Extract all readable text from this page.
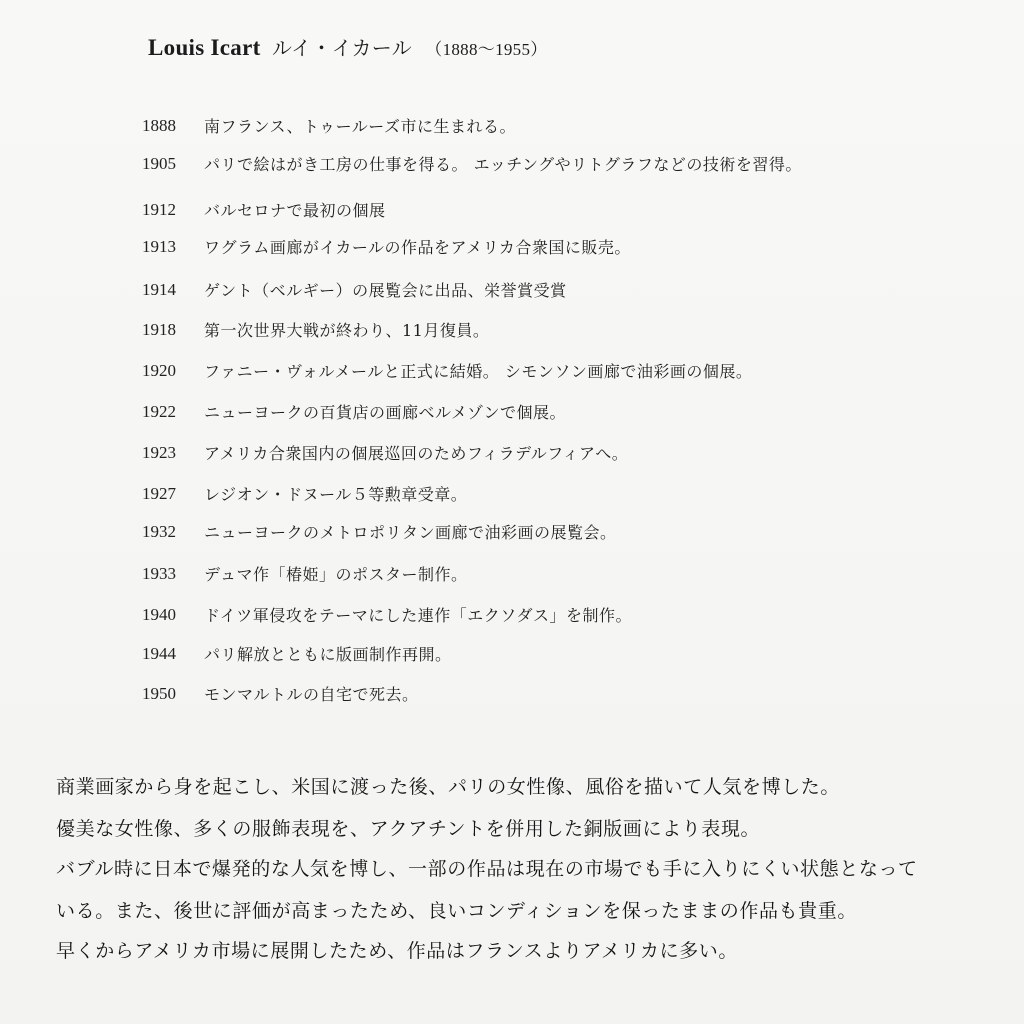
Louis Icart ルイ・イカール （1888〜1955）
1888 南フランス、トゥールーズ市に生まれる。
1905 パリで絵はがき工房の仕事を得る。 エッチングやリトグラフなどの技術を習得。
1912 バルセロナで最初の個展
1913 ワグラム画廊がイカールの作品をアメリカ合衆国に販売。
1914 ゲント（ベルギー）の展覧会に出品、栄誉賞受賞
1918 第一次世界大戦が終わり、11月復員。
1920 ファニー・ヴォルメールと正式に結婚。 シモンソン画廊で油彩画の個展。
1922 ニューヨークの百貨店の画廊ベルメゾンで個展。
1923 アメリカ合衆国内の個展巡回のためフィラデルフィアへ。
1927 レジオン・ドヌール５等勲章受章。
1932 ニューヨークのメトロポリタン画廊で油彩画の展覧会。
1933 デュマ作「椿姫」のポスター制作。
1940 ドイツ軍侵攻をテーマにした連作「エクソダス」を制作。
1944 パリ解放とともに版画制作再開。
1950 モンマルトルの自宅で死去。
商業画家から身を起こし、米国に渡った後、パリの女性像、風俗を描いて人気を博した。
優美な女性像、多くの服飾表現を、アクアチントを併用した銅版画により表現。
バブル時に日本で爆発的な人気を博し、一部の作品は現在の市場でも手に入りにくい状態となって
いる。また、後世に評価が高まったため、良いコンディションを保ったままの作品も貴重。
早くからアメリカ市場に展開したため、作品はフランスよりアメリカに多い。
